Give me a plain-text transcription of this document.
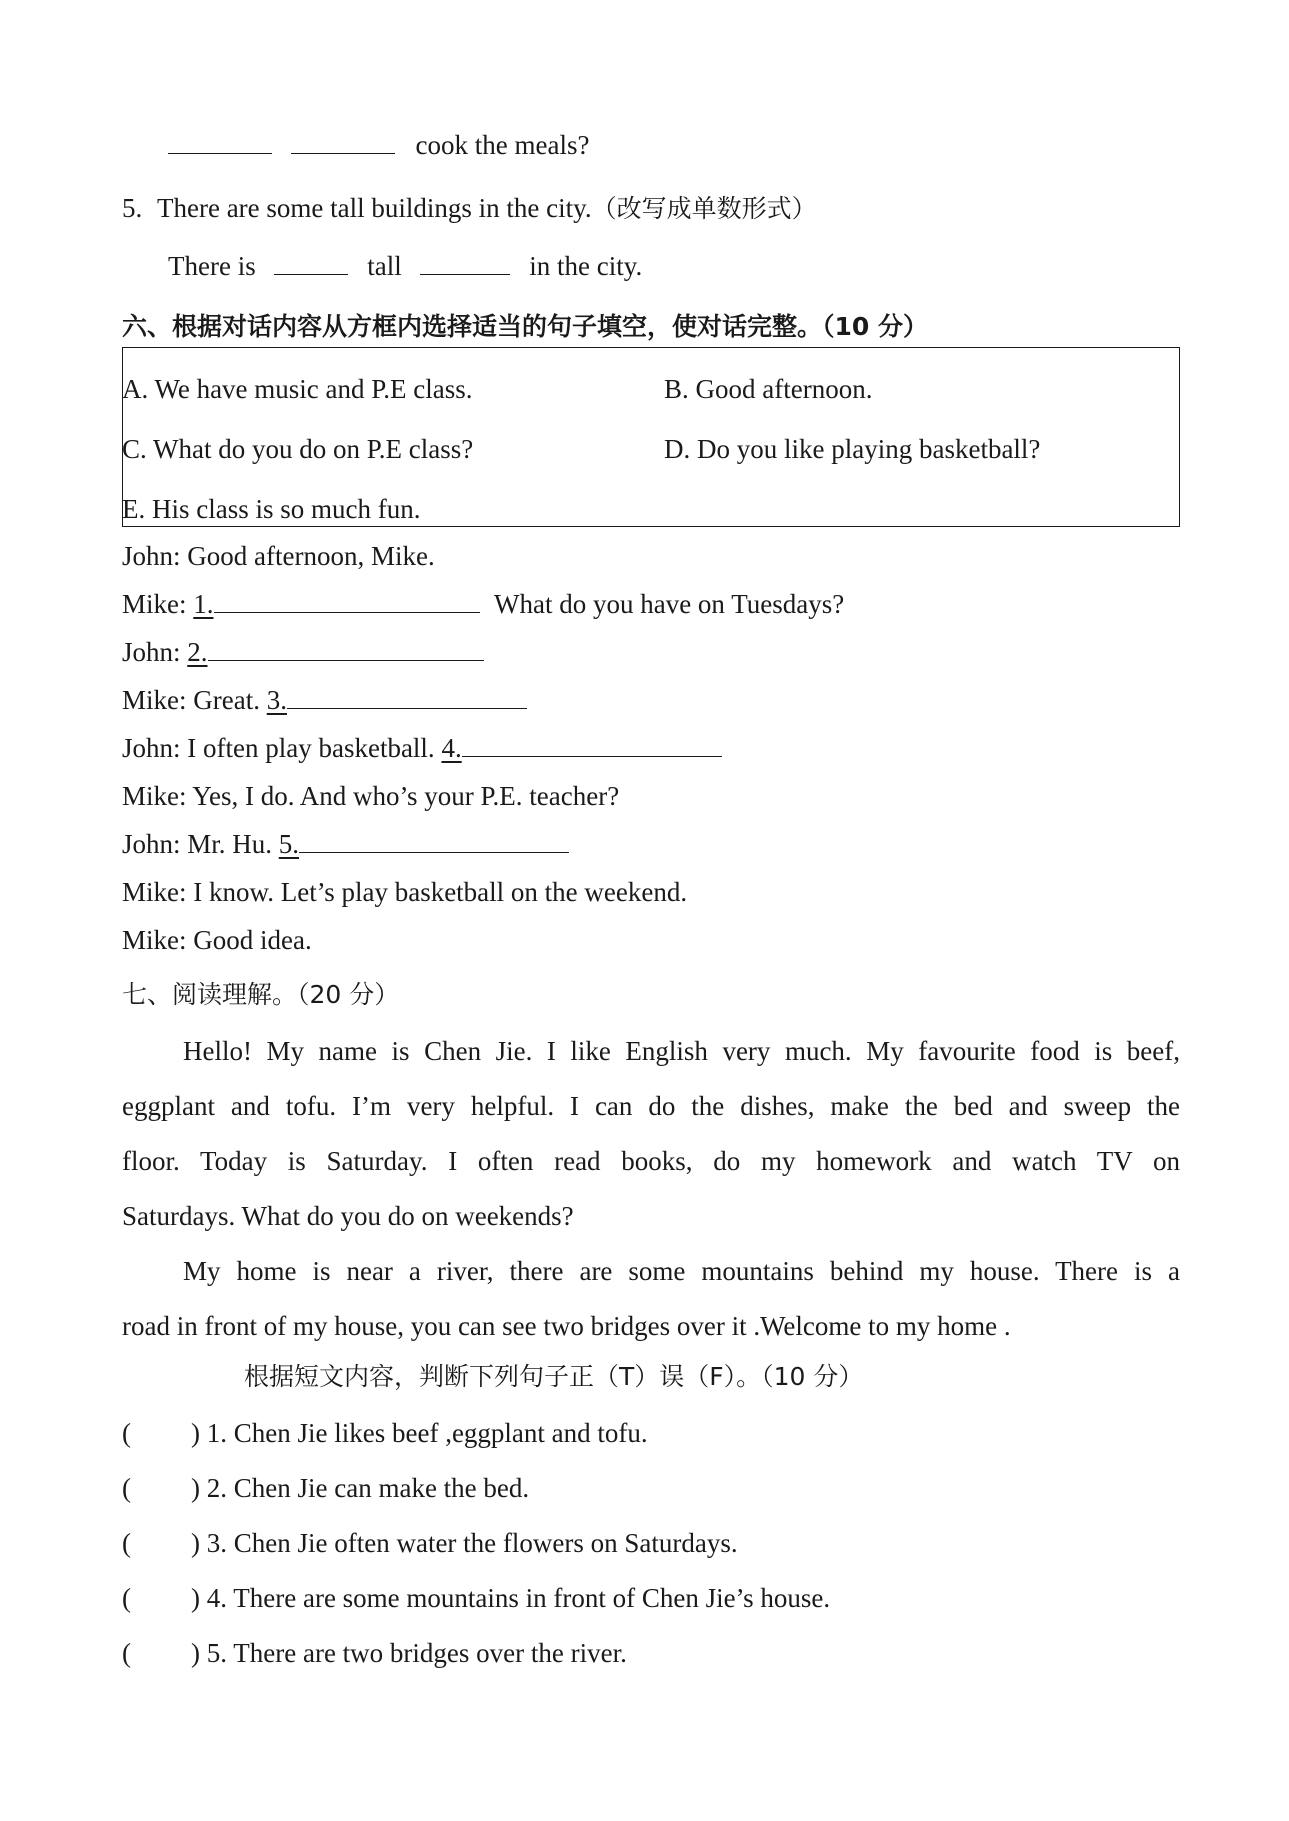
cook the meals?
5. There are some tall buildings in the city.（改写成单数形式）
There is	tall	in the city.
六、根据对话内容从方框内选择适当的句子填空，使对话完整。（10 分）
A. We have music and P.E class.	B. Good afternoon.
C. What do you do on P.E class?	D. Do you like playing basketball?
E. His class is so much fun.
John: Good afternoon, Mike.
Mike: 1.	What do you have on Tuesdays?
John: 2.
Mike: Great. 3.
John: I often play basketball. 4.
Mike: Yes, I do. And who’s your P.E. teacher?
John: Mr. Hu. 5.
Mike: I know. Let’s play basketball on the weekend.
Mike: Good idea.
七、阅读理解。（20 分）
Hello! My name is Chen Jie. I like English very much. My favourite food is beef,
eggplant and tofu. I’m very helpful. I can do the dishes, make the bed and sweep the
floor. Today is Saturday. I often read books, do my homework and watch TV on
Saturdays. What do you do on weekends?
My home is near a river, there are some mountains behind my house. There is a
road in front of my house, you can see two bridges over it .Welcome to my home .
根据短文内容，判断下列句子正（T）误（F）。（10 分）
( ) 1. Chen Jie likes beef ,eggplant and tofu.
( ) 2. Chen Jie can make the bed.
( ) 3. Chen Jie often water the flowers on Saturdays.
( ) 4. There are some mountains in front of Chen Jie’s house.
( ) 5. There are two bridges over the river.
